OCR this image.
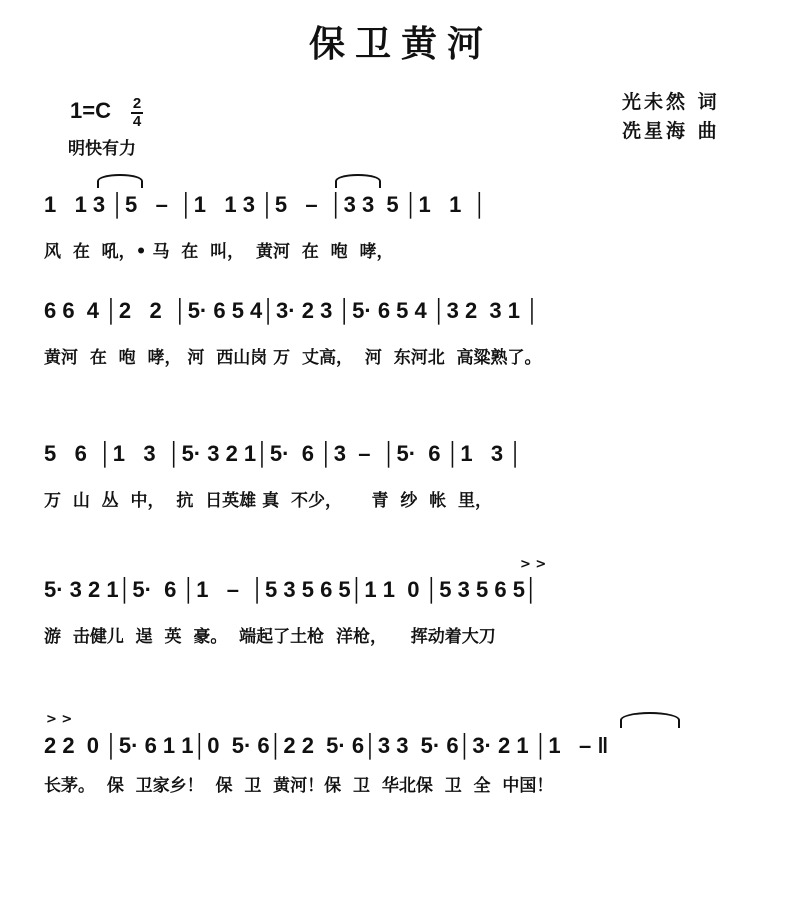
保卫黄河
光未然 词
冼星海 曲
1=C 2
4
明快有力
1   1 3 │5   –  │1   1 3 │5   –  │3 3  5 │1   1  │
风  在  吼，• 马  在  叫，  黄河  在  咆  哮，
6 6  4 │2   2  │5· 6 5 4│3· 2 3 │5· 6 5 4 │3 2  3 1 │
黄河  在  咆  哮， 河  西山岗 万  丈高，  河  东河北  高粱熟了。
5   6  │1   3  │5· 3 2 1│5·  6 │3  –  │5·  6 │1   3 │
万  山  丛  中，  抗  日英雄 真  不少，     青  纱  帐  里，
5· 3 2 1│5·  6 │1   –  │5 3 5 6 5│1 1  0 │5 3 5 6 5│
游  击健儿  逞  英  豪。  端起了土枪  洋枪，    挥动着大刀
> >
2 2  0 │5· 6 1 1│0  5· 6│2 2  5· 6│3 3  5· 6│3· 2 1 │1   – ‖
长茅。  保  卫家乡！  保  卫  黄河！保  卫  华北保  卫  全  中国！
> >
